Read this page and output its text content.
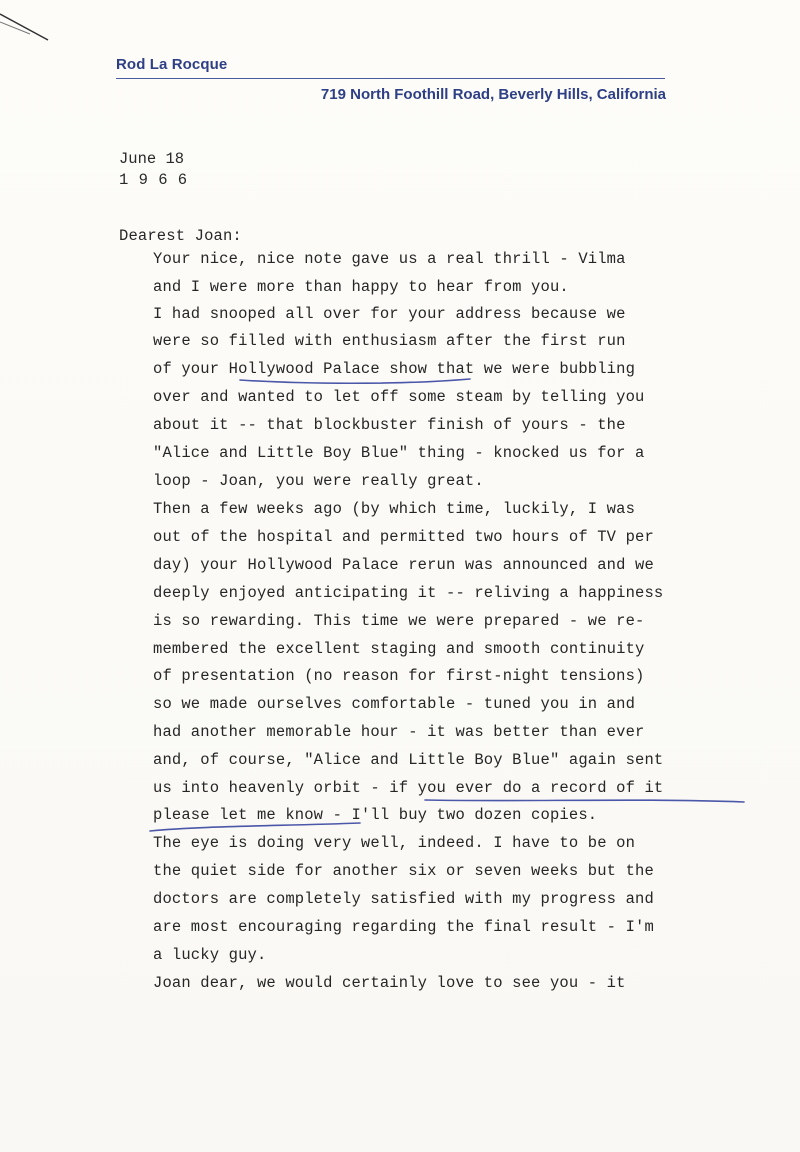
Rod La Rocque
719 North Foothill Road, Beverly Hills, California
June 18
1 9 6 6
Dearest Joan:
Your nice, nice note gave us a real thrill - Vilma
and I were more than happy to hear from you.
I had snooped all over for your address because we
were so filled with enthusiasm after the first run
of your Hollywood Palace show that we were bubbling
over and wanted to let off some steam by telling you
about it -- that blockbuster finish of yours - the
"Alice and Little Boy Blue" thing - knocked us for a
loop - Joan, you were really great.
Then a few weeks ago (by which time, luckily, I was
out of the hospital and permitted two hours of TV per
day) your Hollywood Palace rerun was announced and we
deeply enjoyed anticipating it -- reliving a happiness
is so rewarding. This time we were prepared - we re-
membered the excellent staging and smooth continuity
of presentation (no reason for first-night tensions)
so we made ourselves comfortable - tuned you in and
had another memorable hour - it was better than ever
and, of course, "Alice and Little Boy Blue" again sent
us into heavenly orbit - if you ever do a record of it
please let me know - I'll buy two dozen copies.
The eye is doing very well, indeed. I have to be on
the quiet side for another six or seven weeks but the
doctors are completely satisfied with my progress and
are most encouraging regarding the final result - I'm
a lucky guy.
Joan dear, we would certainly love to see you - it
